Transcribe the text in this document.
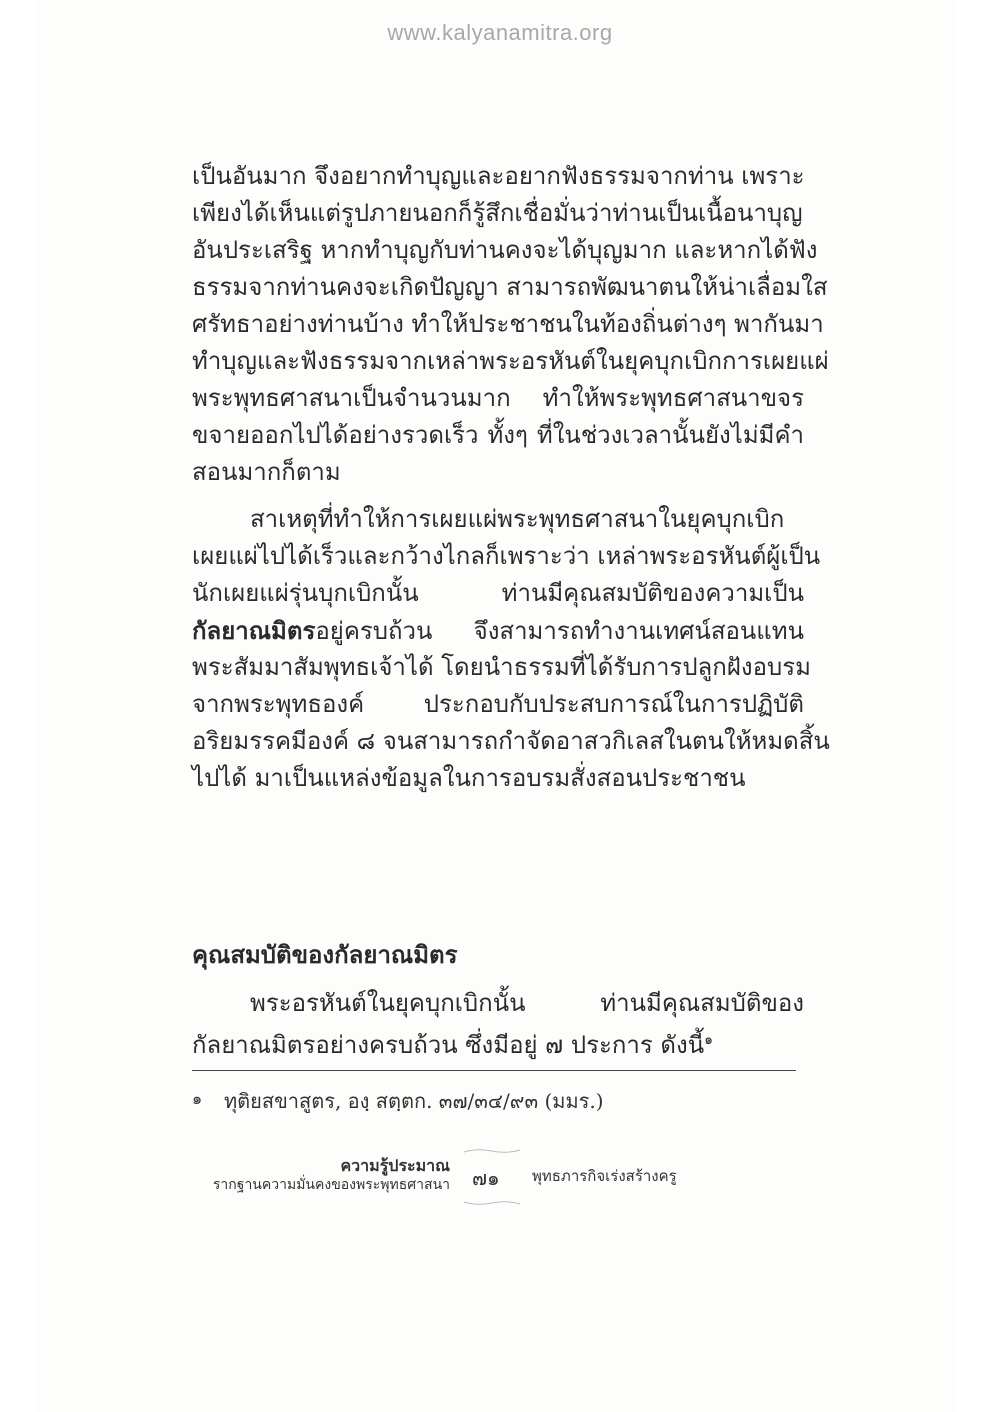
www.kalyanamitra.org
เป็นอันมาก จึงอยากทำบุญและอยากฟังธรรมจากท่าน เพราะ
เพียงได้เห็นแต่รูปภายนอกก็รู้สึกเชื่อมั่นว่าท่านเป็นเนื้อนาบุญ
อันประเสริฐ หากทำบุญกับท่านคงจะได้บุญมาก และหากได้ฟัง
ธรรมจากท่านคงจะเกิดปัญญา สามารถพัฒนาตนให้น่าเลื่อมใส
ศรัทธาอย่างท่านบ้าง ทำให้ประชาชนในท้องถิ่นต่างๆ พากันมา
ทำบุญและฟังธรรมจากเหล่าพระอรหันต์ในยุคบุกเบิกการเผยแผ่
พระพุทธศาสนาเป็นจำนวนมาก ทำให้พระพุทธศาสนาขจร
ขจายออกไปได้อย่างรวดเร็ว ทั้งๆ ที่ในช่วงเวลานั้นยังไม่มีคำ
สอนมากก็ตาม
สาเหตุที่ทำให้การเผยแผ่พระพุทธศาสนาในยุคบุกเบิก
เผยแผ่ไปได้เร็วและกว้างไกลก็เพราะว่า เหล่าพระอรหันต์ผู้เป็น
นักเผยแผ่รุ่นบุกเบิกนั้น ท่านมีคุณสมบัติของความเป็น
กัลยาณมิตรอยู่ครบถ้วน จึงสามารถทำงานเทศน์สอนแทน
พระสัมมาสัมพุทธเจ้าได้ โดยนำธรรมที่ได้รับการปลูกฝังอบรม
จากพระพุทธองค์ ประกอบกับประสบการณ์ในการปฏิบัติ
อริยมรรคมีองค์ ๘ จนสามารถกำจัดอาสวกิเลสในตนให้หมดสิ้น
ไปได้ มาเป็นแหล่งข้อมูลในการอบรมสั่งสอนประชาชน
คุณสมบัติของกัลยาณมิตร
พระอรหันต์ในยุคบุกเบิกนั้น ท่านมีคุณสมบัติของ
กัลยาณมิตรอย่างครบถ้วน ซึ่งมีอยู่ ๗ ประการ ดังนี้$^๑$
๑ ทุติยสขาสูตร, องฺ สตฺตก. ๓๗/๓๔/๙๓ (มมร.)
ความรู้ประมาณ
รากฐานความมั่นคงของพระพุทธศาสนา ๗๑ พุทธภารกิจเร่งสร้างครู
